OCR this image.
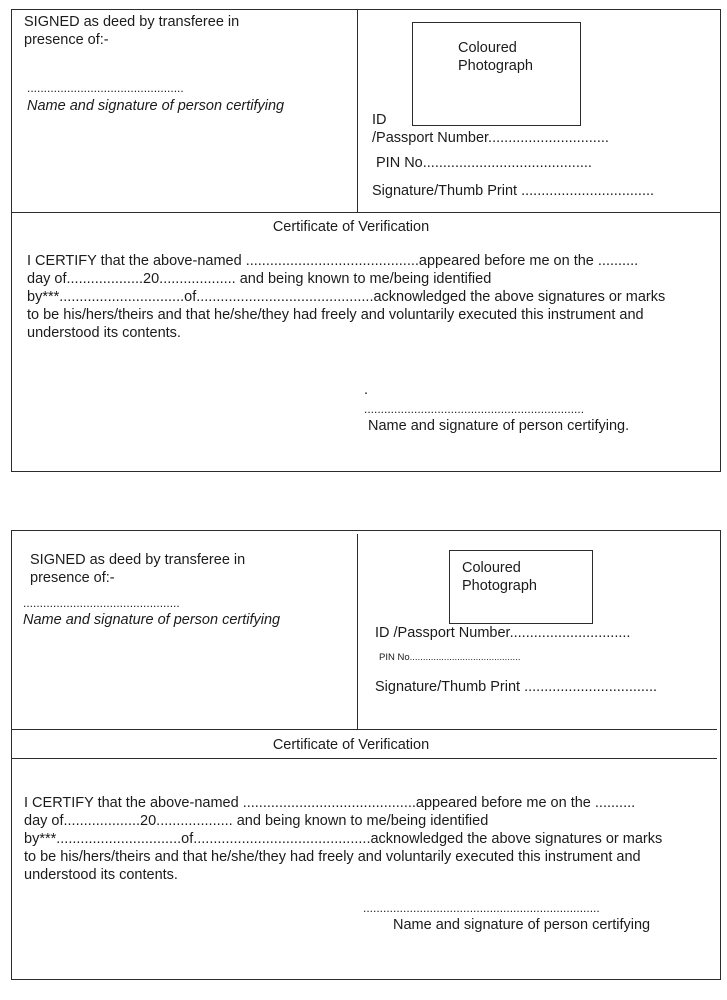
SIGNED as deed by transferee in
presence of:-
...............................................
Name and signature of person certifying
Coloured
Photograph
ID
/Passport Number..............................
PIN No..........................................
Signature/Thumb Print .................................
Certificate of Verification
I CERTIFY that the above-named ...........................................appeared before me on the ..........
day of...................20................... and being known to me/being identified
by***...............................of............................................acknowledged the above signatures or marks
to be his/hers/theirs and that he/she/they had freely and voluntarily executed this instrument and
understood its contents.
.
..................................................................
Name and signature of person certifying.
SIGNED as deed by transferee in
presence of:-
...............................................
Name and signature of person certifying
Coloured
Photograph
ID /Passport Number..............................
PIN No..........................................
Signature/Thumb Print .................................
Certificate of Verification
I CERTIFY that the above-named ...........................................appeared before me on the ..........
day of...................20................... and being known to me/being identified
by***...............................of............................................acknowledged the above signatures or marks
to be his/hers/theirs and that he/she/they had freely and voluntarily executed this instrument and
understood its contents.
.......................................................................
Name and signature of person certifying
